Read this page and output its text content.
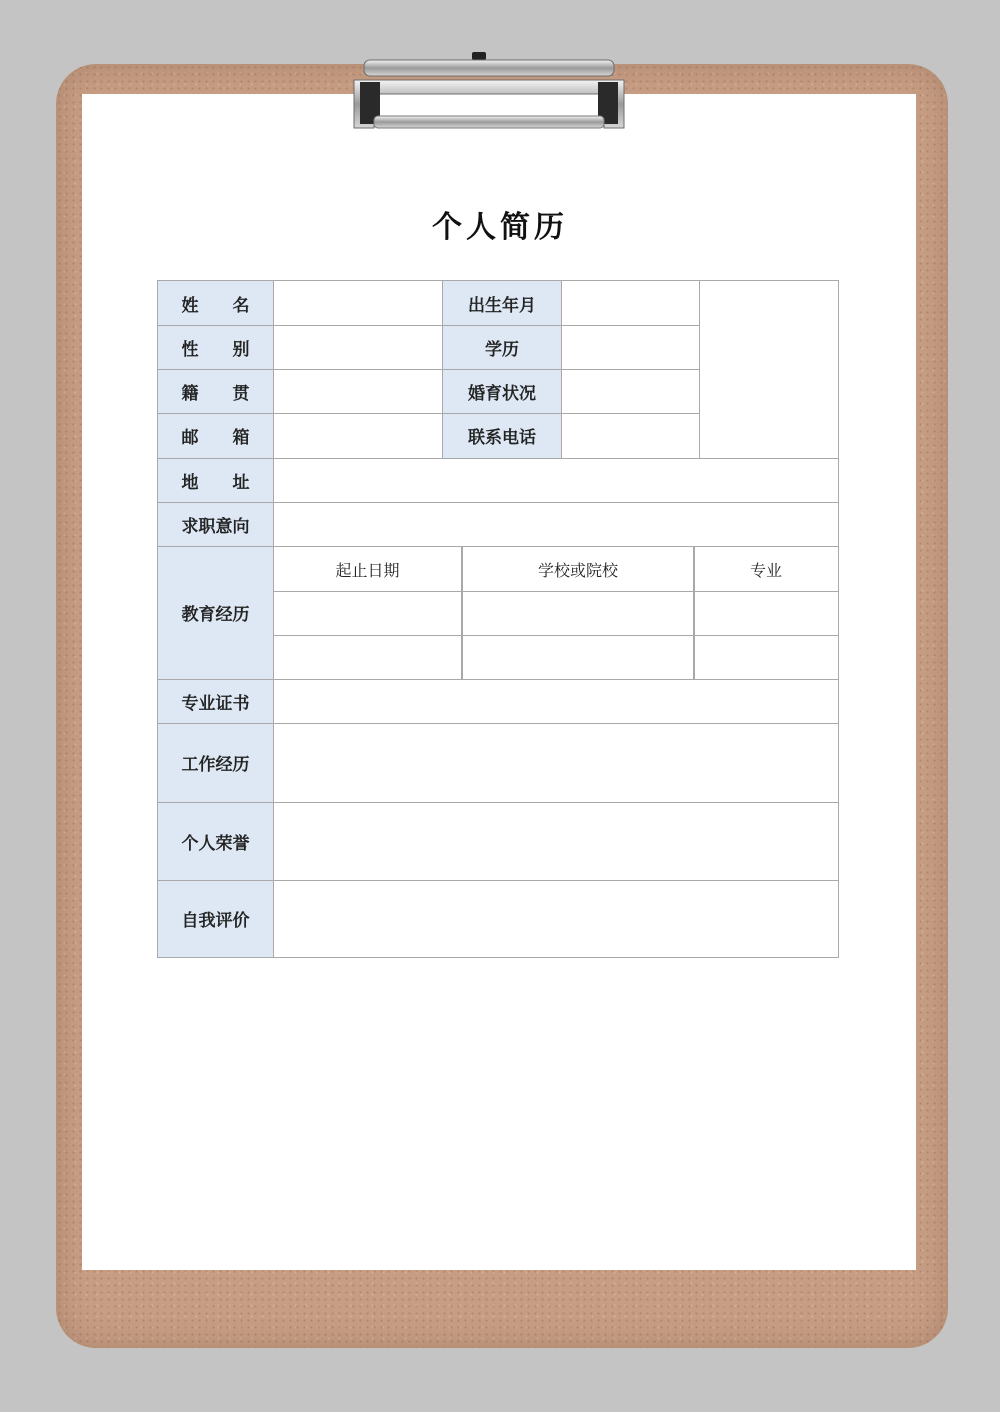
个人简历
姓　　名
性　　别
籍　　贯
邮　　箱
地　　址
求职意向
教育经历
专业证书
工作经历
个人荣誉
自我评价
出生年月
学历
婚育状况
联系电话
起止日期	学校或院校	专业
